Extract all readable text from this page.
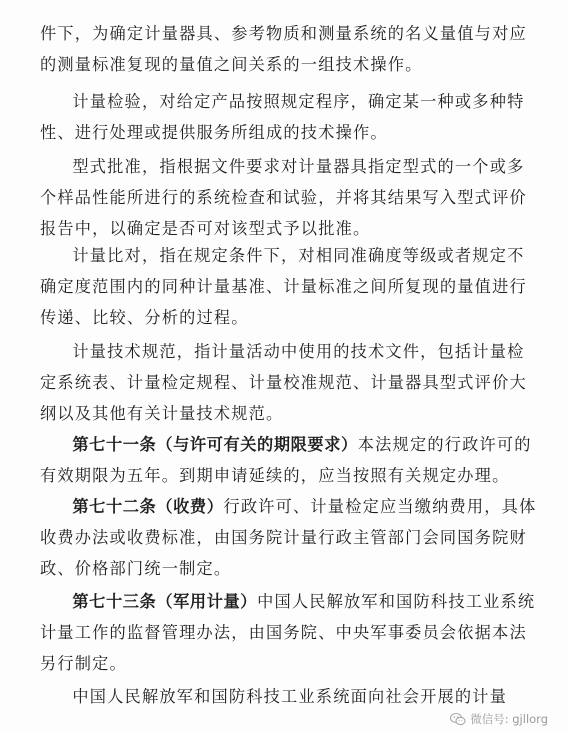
件下，为确定计量器具、参考物质和测量系统的名义量值与对应的测量标准复现的量值之间关系的一组技术操作。

计量检验，对给定产品按照规定程序，确定某一种或多种特性、进行处理或提供服务所组成的技术操作。

型式批准，指根据文件要求对计量器具指定型式的一个或多个样品性能所进行的系统检查和试验，并将其结果写入型式评价报告中，以确定是否可对该型式予以批准。

计量比对，指在规定条件下，对相同准确度等级或者规定不确定度范围内的同种计量基准、计量标准之间所复现的量值进行传递、比较、分析的过程。

计量技术规范，指计量活动中使用的技术文件，包括计量检定系统表、计量检定规程、计量校准规范、计量器具型式评价大纲以及其他有关计量技术规范。

第七十一条（与许可有关的期限要求）本法规定的行政许可的有效期限为五年。到期申请延续的，应当按照有关规定办理。

第七十二条（收费）行政许可、计量检定应当缴纳费用，具体收费办法或收费标准，由国务院计量行政主管部门会同国务院财政、价格部门统一制定。

第七十三条（军用计量）中国人民解放军和国防科技工业系统计量工作的监督管理办法，由国务院、中央军事委员会依据本法另行制定。

中国人民解放军和国防科技工业系统面向社会开展的计量

微信号: gjllorg
